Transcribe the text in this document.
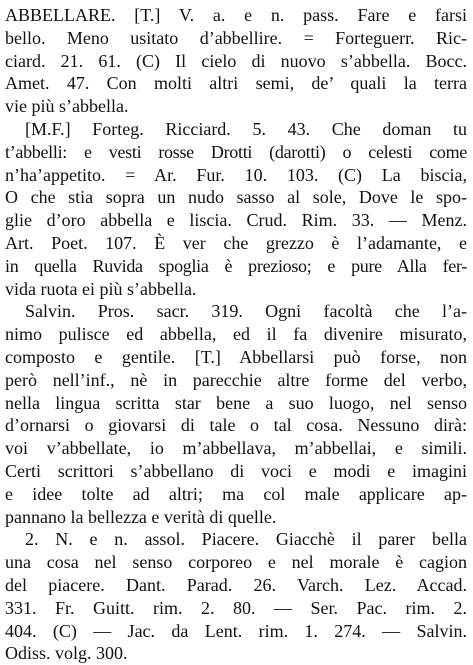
ABBELLARE. [T.] V. a. e n. pass. Fare e farsi
bello. Meno usitato d’abbellire. = Forteguerr. Ric-
ciard. 21. 61. (C) Il cielo di nuovo s’abbella. Bocc.
Amet. 47. Con molti altri semi, de’ quali la terra
vie più s’abbella.
[M.F.] Forteg. Ricciard. 5. 43. Che doman tu
t’abbelli: e vesti rosse Drotti (darotti) o celesti come
n’ha’appetito. = Ar. Fur. 10. 103. (C) La biscia,
O che stia sopra un nudo sasso al sole, Dove le spo-
glie d’oro abbella e liscia. Crud. Rim. 33. — Menz.
Art. Poet. 107. È ver che grezzo è l’adamante, e
in quella Ruvida spoglia è prezioso; e pure Alla fer-
vida ruota ei più s’abbella.
Salvin. Pros. sacr. 319. Ogni facoltà che l’a-
nimo pulisce ed abbella, ed il fa divenire misurato,
composto e gentile. [T.] Abbellarsi può forse, non
però nell’inf., nè in parecchie altre forme del verbo,
nella lingua scritta star bene a suo luogo, nel senso
d’ornarsi o giovarsi di tale o tal cosa. Nessuno dirà:
voi v’abbellate, io m’abbellava, m’abbellai, e simili.
Certi scrittori s’abbellano di voci e modi e imagini
e idee tolte ad altri; ma col male applicare ap-
pannano la bellezza e verità di quelle.
2. N. e n. assol. Piacere. Giacchè il parer bella
una cosa nel senso corporeo e nel morale è cagion
del piacere. Dant. Parad. 26. Varch. Lez. Accad.
331. Fr. Guitt. rim. 2. 80. — Ser. Pac. rim. 2.
404. (C) — Jac. da Lent. rim. 1. 274. — Salvin.
Odiss. volg. 300.
